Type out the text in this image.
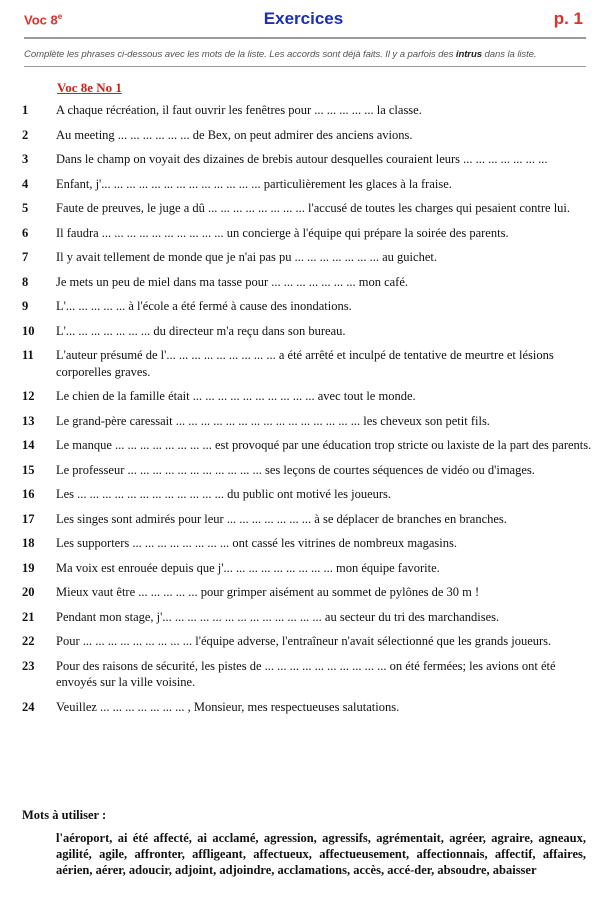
Voc 8e	Exercices	p. 1
Complète les phrases ci-dessous avec les mots de la liste. Les accords sont déjà faits. Il y a parfois des intrus dans la liste.
Voc 8e No 1
1	A chaque récréation, il faut ouvrir les fenêtres pour ... ... ... ... ... la classe.
2	Au meeting ... ... ... ... ... ... de Bex, on peut admirer des anciens avions.
3	Dans le champ on voyait des dizaines de brebis autour desquelles couraient leurs ... ... ... ... ... ... ...
4	Enfant, j'... ... ... ... ... ... ... ... ... ... ... ... ... particulièrement les glaces à la fraise.
5	Faute de preuves, le juge a dû ... ... ... ... ... ... ... ... l'accusé de toutes les charges qui pesaient contre lui.
6	Il faudra ... ... ... ... ... ... ... ... ... ... un concierge à l'équipe qui prépare la soirée des parents.
7	Il y avait tellement de monde que je n'ai pas pu ... ... ... ... ... ... ... au guichet.
8	Je mets un peu de miel dans ma tasse pour ... ... ... ... ... ... ... mon café.
9	L'... ... ... ... ... à l'école a été fermé à cause des inondations.
10	L'... ... ... ... ... ... ... du directeur m'a reçu dans son bureau.
11	L'auteur présumé de l'... ... ... ... ... ... ... ... ... a été arrêté et inculpé de tentative de meurtre et lésions corporelles graves.
12	Le chien de la famille était ... ... ... ... ... ... ... ... ... ... avec tout le monde.
13	Le grand-père caressait ... ... ... ... ... ... ... ... ... ... ... ... ... ... ... les cheveux son petit fils.
14	Le manque ... ... ... ... ... ... ... ... est provoqué par une éducation trop stricte ou laxiste de la part des parents.
15	Le professeur ... ... ... ... ... ... ... ... ... ... ... ses leçons de courtes séquences de vidéo ou d'images.
16	Les ... ... ... ... ... ... ... ... ... ... ... ... du public ont motivé les joueurs.
17	Les singes sont admirés pour leur ... ... ... ... ... ... ... à se déplacer de branches en branches.
18	Les supporters ... ... ... ... ... ... ... ... ont cassé les vitrines de nombreux magasins.
19	Ma voix est enrouée depuis que j'... ... ... ... ... ... ... ... ... mon équipe favorite.
20	Mieux vaut être ... ... ... ... ... pour grimper aisément au sommet de pylônes de 30 m !
21	Pendant mon stage, j'... ... ... ... ... ... ... ... ... ... ... ... ... au secteur du tri des marchandises.
22	Pour ... ... ... ... ... ... ... ... ... l'équipe adverse, l'entraîneur n'avait sélectionné que les grands joueurs.
23	Pour des raisons de sécurité, les pistes de ... ... ... ... ... ... ... ... ... ... on été fermées; les avions ont été envoyés sur la ville voisine.
24	Veuillez ... ... ... ... ... ... ... , Monsieur, mes respectueuses salutations.
Mots à utiliser :
l'aéroport, ai été affecté, ai acclamé, agression, agressifs, agrémentait, agréer, agraire, agneaux, agilité, agile, affronter, affligeant, affectueux, affectueusement, affectionnais, affectif, affaires, aérien, aérer, adoucir, adjoint, adjoindre, acclamations, accès, accé-der, absoudre, abaisser
